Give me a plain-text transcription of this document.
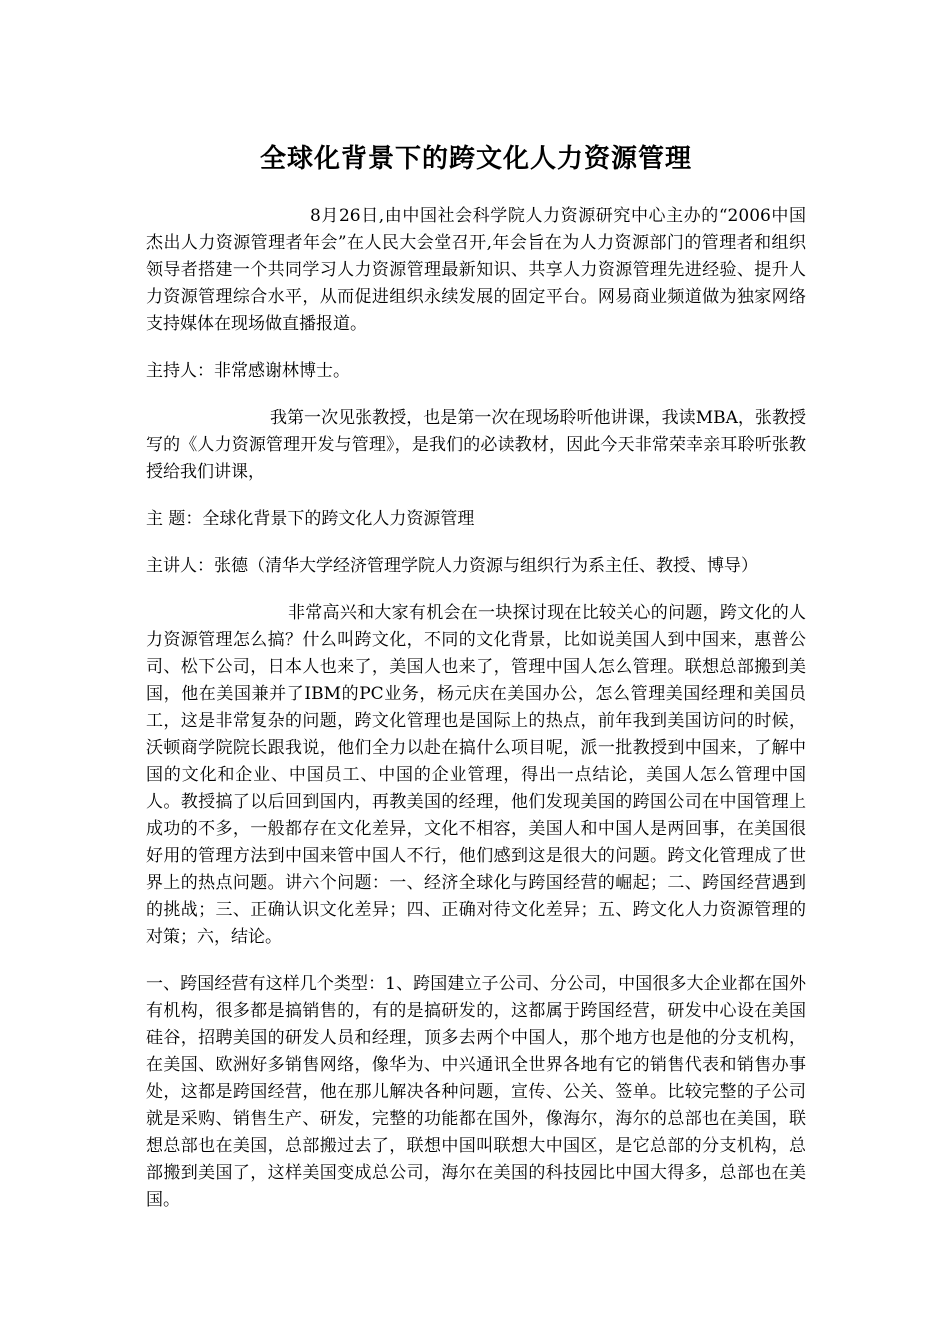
全球化背景下的跨文化人力资源管理

8月26日,由中国社会科学院人力资源研究中心主办的“2006中国杰出人力资源管理者年会”在人民大会堂召开,年会旨在为人力资源部门的管理者和组织领导者搭建一个共同学习人力资源管理最新知识、共享人力资源管理先进经验、提升人力资源管理综合水平，从而促进组织永续发展的固定平台。网易商业频道做为独家网络支持媒体在现场做直播报道。

主持人：非常感谢林博士。

我第一次见张教授，也是第一次在现场聆听他讲课，我读MBA，张教授写的《人力资源管理开发与管理》，是我们的必读教材，因此今天非常荣幸亲耳聆听张教授给我们讲课，

主 题：全球化背景下的跨文化人力资源管理

主讲人：张德（清华大学经济管理学院人力资源与组织行为系主任、教授、博导）

非常高兴和大家有机会在一块探讨现在比较关心的问题，跨文化的人力资源管理怎么搞？什么叫跨文化，不同的文化背景，比如说美国人到中国来，惠普公司、松下公司，日本人也来了，美国人也来了，管理中国人怎么管理。联想总部搬到美国，他在美国兼并了IBM的PC业务，杨元庆在美国办公，怎么管理美国经理和美国员工，这是非常复杂的问题，跨文化管理也是国际上的热点，前年我到美国访问的时候，沃顿商学院院长跟我说，他们全力以赴在搞什么项目呢，派一批教授到中国来，了解中国的文化和企业、中国员工、中国的企业管理，得出一点结论，美国人怎么管理中国人。教授搞了以后回到国内，再教美国的经理，他们发现美国的跨国公司在中国管理上成功的不多，一般都存在文化差异，文化不相容，美国人和中国人是两回事，在美国很好用的管理方法到中国来管中国人不行，他们感到这是很大的问题。跨文化管理成了世界上的热点问题。讲六个问题：一、经济全球化与跨国经营的崛起；二、跨国经营遇到的挑战；三、正确认识文化差异；四、正确对待文化差异；五、跨文化人力资源管理的对策；六，结论。

一、跨国经营有这样几个类型：1、跨国建立子公司、分公司，中国很多大企业都在国外有机构，很多都是搞销售的，有的是搞研发的，这都属于跨国经营，研发中心设在美国硅谷，招聘美国的研发人员和经理，顶多去两个中国人，那个地方也是他的分支机构，在美国、欧洲好多销售网络，像华为、中兴通讯全世界各地有它的销售代表和销售办事处，这都是跨国经营，他在那儿解决各种问题，宣传、公关、签单。比较完整的子公司就是采购、销售生产、研发，完整的功能都在国外，像海尔，海尔的总部也在美国，联想总部也在美国，总部搬过去了，联想中国叫联想大中国区，是它总部的分支机构，总部搬到美国了，这样美国变成总公司，海尔在美国的科技园比中国大得多，总部也在美国。
